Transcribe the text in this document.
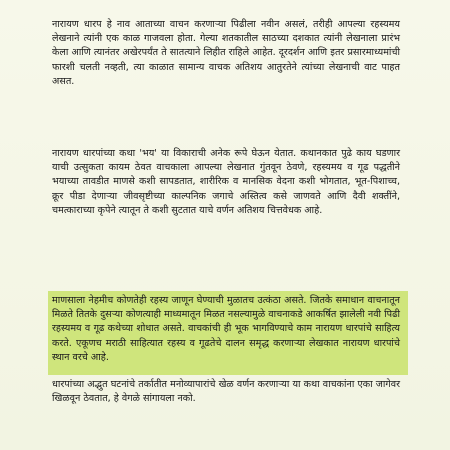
नारायण धारप हे नाव आताच्या वाचन करणाऱ्या पिढीला नवीन असलं, तरीही आपल्या रहस्यमय लेखनाने त्यांनी एक काळ गाजवला होता. गेल्या शतकातील साठच्या दशकात त्यांनी लेखनाला प्रारंभ केला आणि त्यानंतर अखेरपर्यंत ते सातत्याने लिहीत राहिले आहेत. दूरदर्शन आणि इतर प्रसारमाध्यमांची फारशी चलती नव्हती, त्या काळात सामान्य वाचक अतिशय आतुरतेने त्यांच्या लेखनाची वाट पाहत असत.

नारायण धारपांच्या कथा 'भय' या विकाराची अनेक रूपे घेऊन येतात. कथानकात पुढे काय घडणार याची उत्सुकता कायम ठेवत वाचकाला आपल्या लेखनात गुंतवून ठेवणे, रहस्यमय व गूढ पद्धतीने भयाच्या तावडीत माणसे कशी सापडतात, शारीरिक व मानसिक वेदना कशी भोगतात, भूत-पिशाच्च, क्रूर पीडा देणाऱ्या जीवसृष्टीच्या काल्पनिक जगाचे अस्तित्व कसे जाणवते आणि दैवी शक्तींने, चमत्काराच्या कृपेने त्यातून ते कशी सुटतात याचे वर्णन अतिशय चित्तवेधक आहे.

माणसाला नेहमीच कोणतेही रहस्य जाणून घेण्याची मुळातच उत्कंठा असते. जितके समाधान वाचनातून मिळते तितके दुसऱ्या कोणत्याही माध्यमातून मिळत नसल्यामुळे वाचनाकडे आकर्षित झालेली नवी पिढी रहस्यमय व गूढ कथेच्या शोधात असते. वाचकांची ही भूक भागविण्याचे काम नारायण धारपांचे साहित्य करते. एकूणच मराठी साहित्यात रहस्य व गूढतेचे दालन समृद्ध करणाऱ्या लेखकात नारायण धारपांचे स्थान वरचे आहे.

धारपांच्या अद्भुत घटनांचे तर्कातीत मनोव्यापारांचे खेळ वर्णन करणाऱ्या या कथा वाचकांना एका जागेवर खिळवून ठेवतात, हे वेगळे सांगायला नको.
